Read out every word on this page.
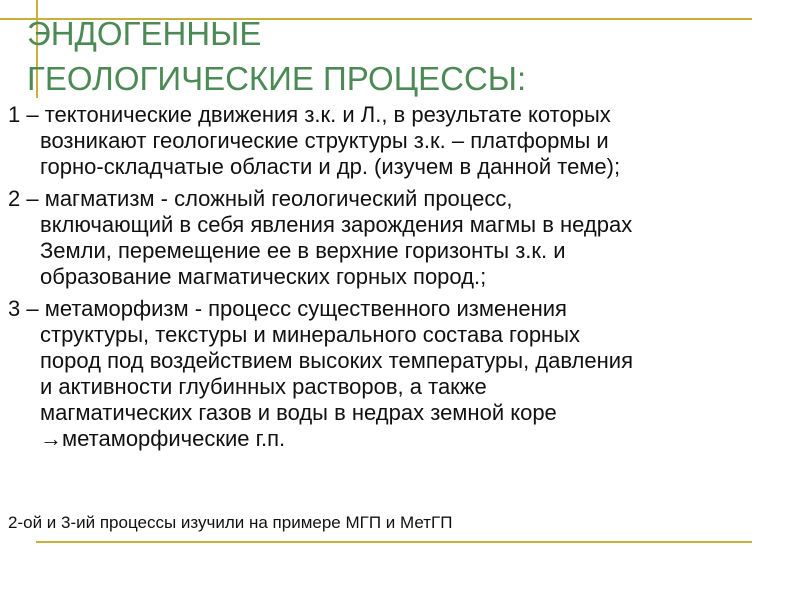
ЭНДОГЕННЫЕ
ГЕОЛОГИЧЕСКИЕ ПРОЦЕССЫ:
1 – тектонические движения з.к. и Л., в результате которых
возникают геологические структуры з.к. – платформы и
горно-складчатые области и др. (изучем в данной теме);
2 – магматизм - сложный геологический процесс,
включающий в себя явления зарождения магмы в недрах
Земли, перемещение ее в верхние горизонты з.к. и
образование магматических горных пород.;
3 – метаморфизм - процесс существенного изменения
структуры, текстуры и минерального состава горных
пород под воздействием высоких температуры, давления
и активности глубинных растворов, а также
магматических газов и воды в недрах земной коре
→метаморфические г.п.
2-ой и 3-ий процессы изучили на примере МГП и МетГП
